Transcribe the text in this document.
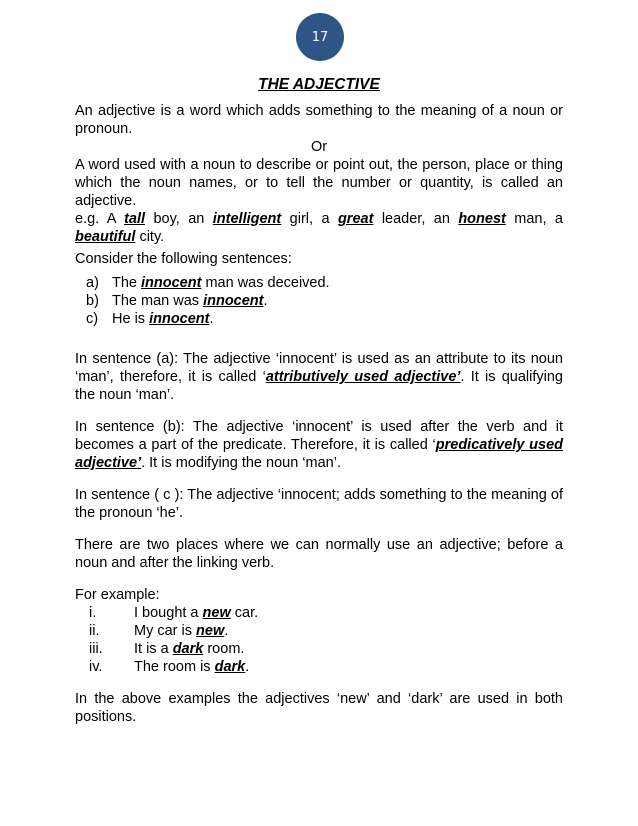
17
THE ADJECTIVE

An adjective is a word which adds something to the meaning of a noun or pronoun.

Or

A word used with a noun to describe or point out, the person, place or thing which the noun names, or to tell the number or quantity, is called an adjective.

e.g. A tall boy, an intelligent girl, a great leader, an honest man, a beautiful city.

Consider the following sentences:

a) The innocent man was deceived.
b) The man was innocent.
c) He is innocent.

In sentence (a): The adjective ‘innocent’ is used as an attribute to its noun ‘man’, therefore, it is called ‘attributively used adjective’. It is qualifying the noun ‘man’.

In sentence (b): The adjective ‘innocent’ is used after the verb and it becomes a part of the predicate. Therefore, it is called ‘predicatively used adjective’. It is modifying the noun ‘man’.

In sentence ( c ): The adjective ‘innocent; adds something to the meaning of the pronoun ‘he’.

There are two places where we can normally use an adjective; before a noun and after the linking verb.

For example:

i.	I bought a new car.
ii.	My car is new.
iii.	It is a dark room.
iv.	The room is dark.

In the above examples the adjectives ‘new’ and ‘dark’ are used in both positions.
